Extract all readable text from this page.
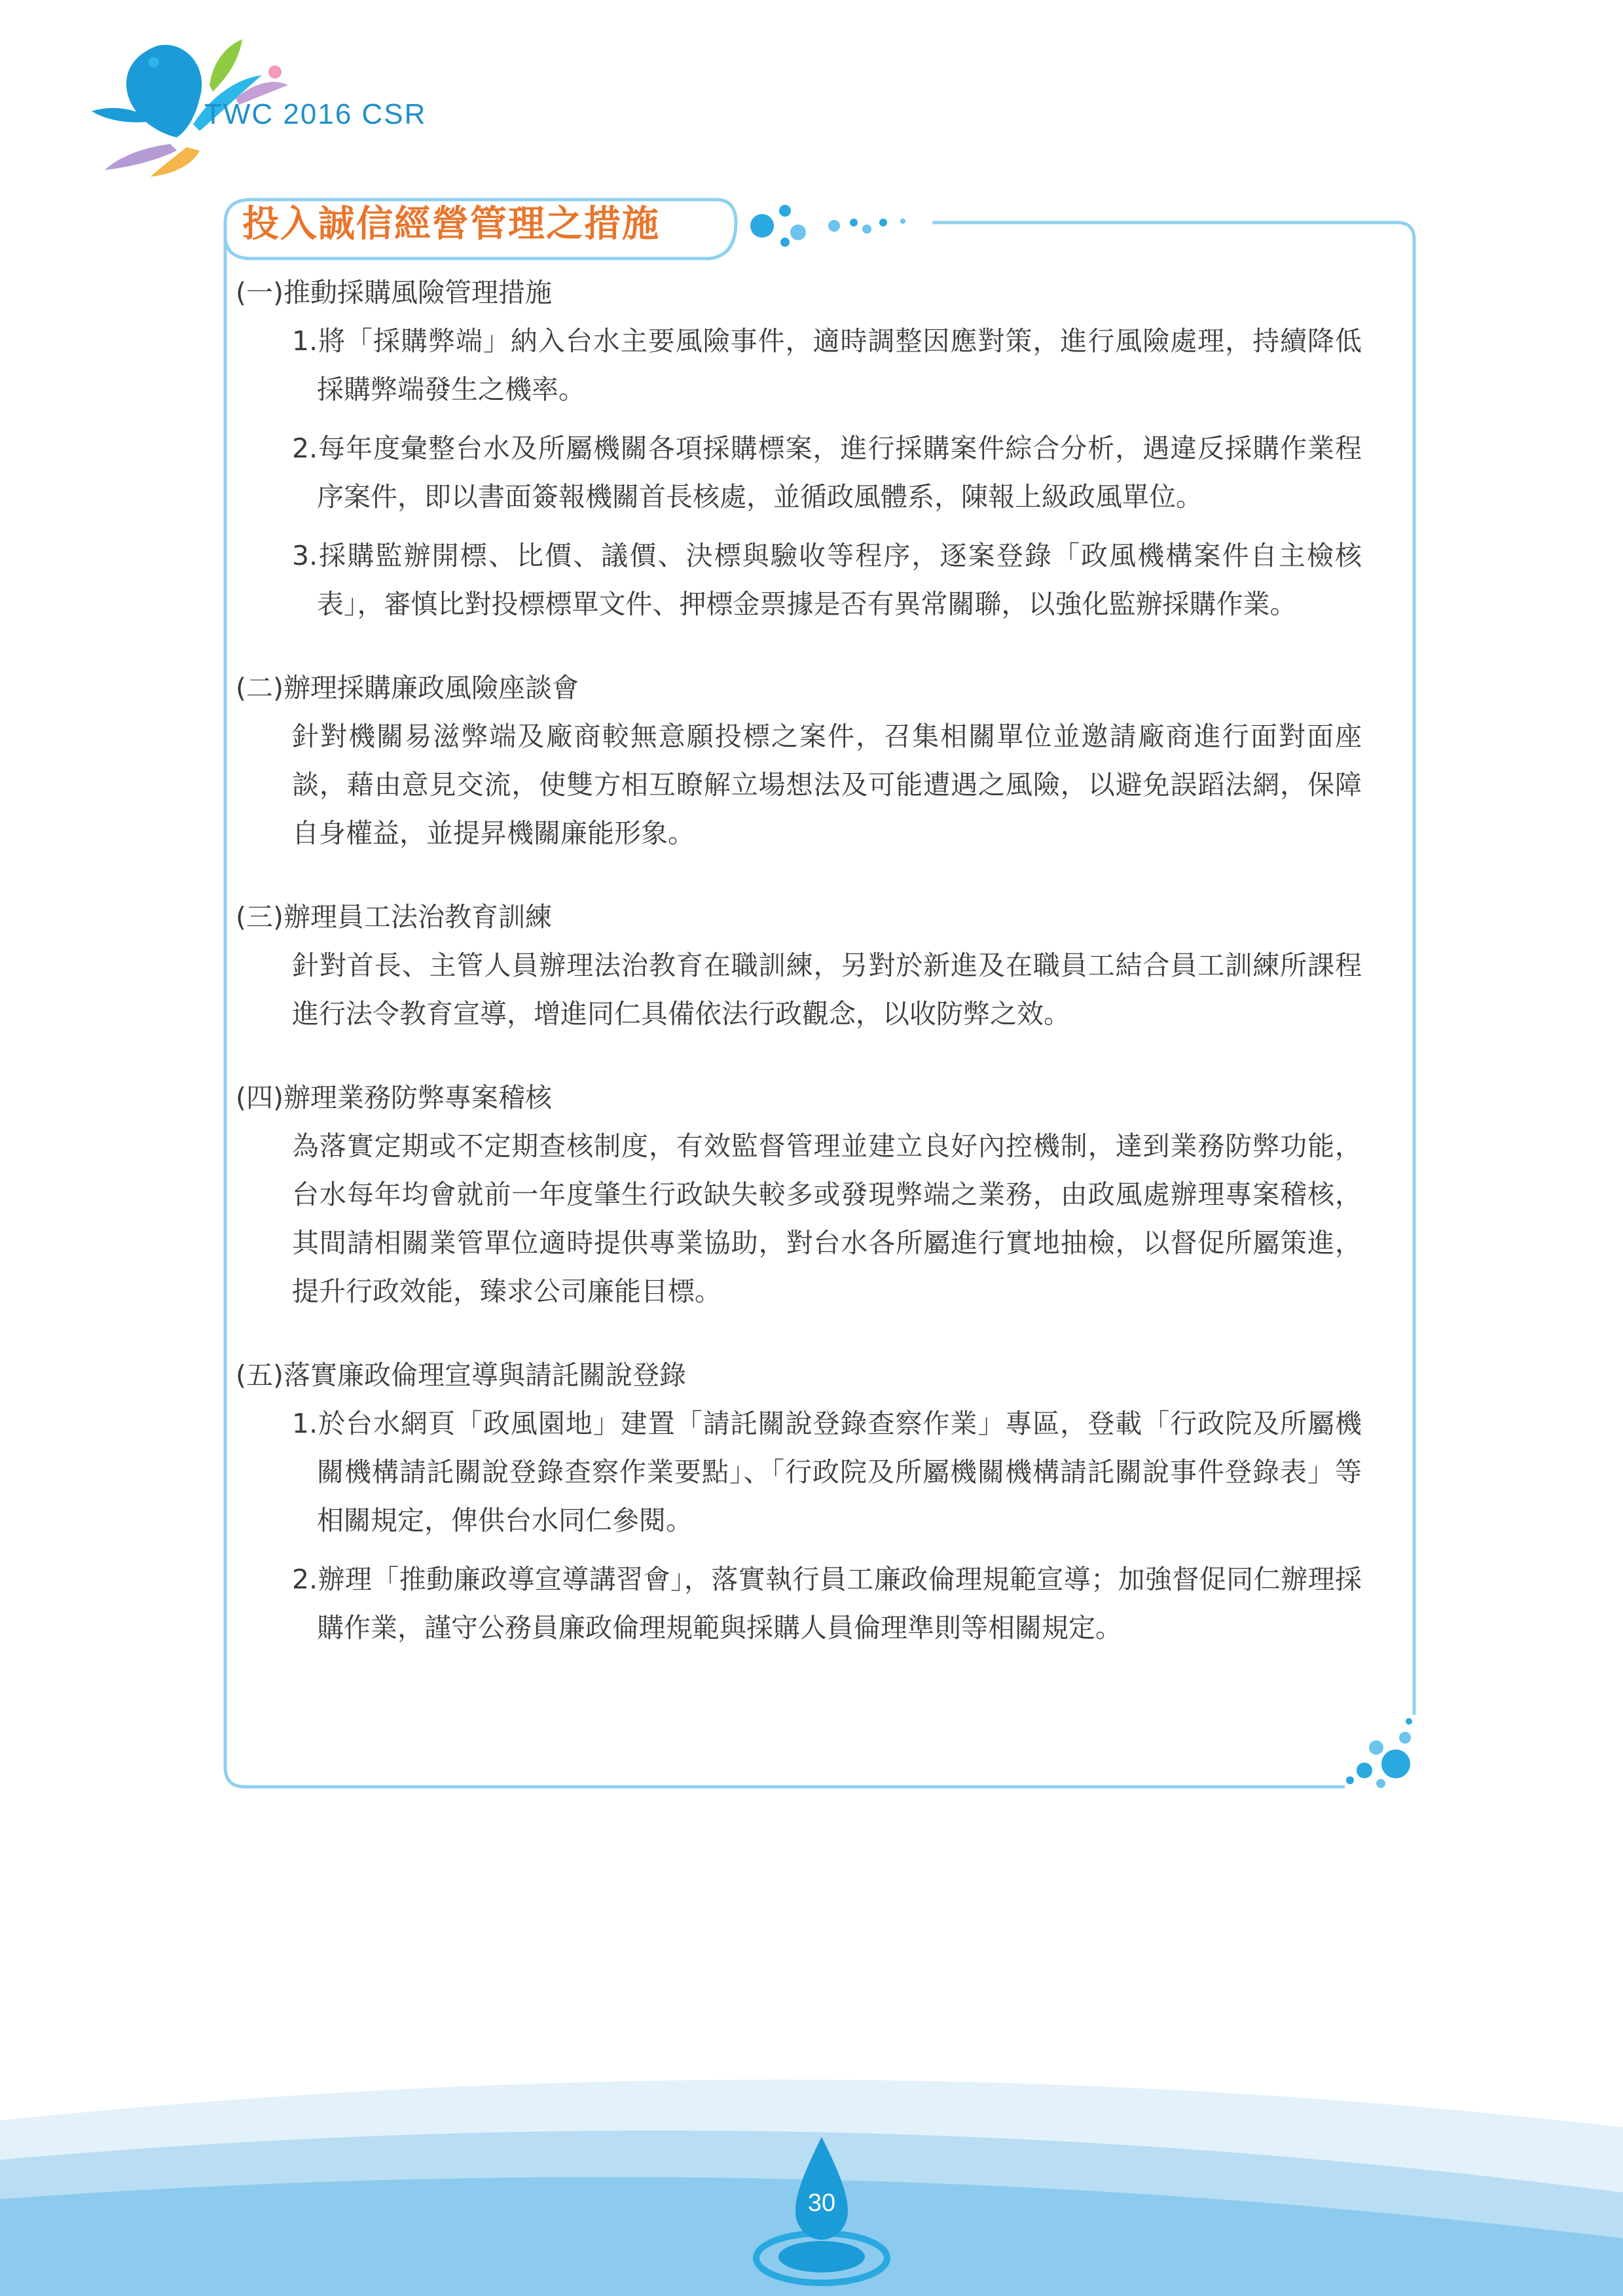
TWC 2016 CSR
投入誠信經營管理之措施
(一)推動採購風險管理措施
1.將「採購弊端」納入台水主要風險事件，適時調整因應對策，進行風險處理，持續降低採購弊端發生之機率。
2.每年度彙整台水及所屬機關各項採購標案，進行採購案件綜合分析，遇違反採購作業程序案件，即以書面簽報機關首長核處，並循政風體系，陳報上級政風單位。
3.採購監辦開標、比價、議價、決標與驗收等程序，逐案登錄「政風機構案件自主檢核表」，審慎比對投標標單文件、押標金票據是否有異常關聯，以強化監辦採購作業。
(二)辦理採購廉政風險座談會
針對機關易滋弊端及廠商較無意願投標之案件，召集相關單位並邀請廠商進行面對面座談，藉由意見交流，使雙方相互瞭解立場想法及可能遭遇之風險，以避免誤蹈法網，保障自身權益，並提昇機關廉能形象。
(三)辦理員工法治教育訓練
針對首長、主管人員辦理法治教育在職訓練，另對於新進及在職員工結合員工訓練所課程進行法令教育宣導，增進同仁具備依法行政觀念，以收防弊之效。
(四)辦理業務防弊專案稽核
為落實定期或不定期查核制度，有效監督管理並建立良好內控機制，達到業務防弊功能，台水每年均會就前一年度肇生行政缺失較多或發現弊端之業務，由政風處辦理專案稽核，其間請相關業管單位適時提供專業協助，對台水各所屬進行實地抽檢，以督促所屬策進，提升行政效能，臻求公司廉能目標。
(五)落實廉政倫理宣導與請託關說登錄
1.於台水網頁「政風園地」建置「請託關說登錄查察作業」專區，登載「行政院及所屬機關機構請託關說登錄查察作業要點」、「行政院及所屬機關機構請託關說事件登錄表」等相關規定，俾供台水同仁參閱。
2.辦理「推動廉政導宣導講習會」，落實執行員工廉政倫理規範宣導；加強督促同仁辦理採購作業，謹守公務員廉政倫理規範與採購人員倫理準則等相關規定。
30
